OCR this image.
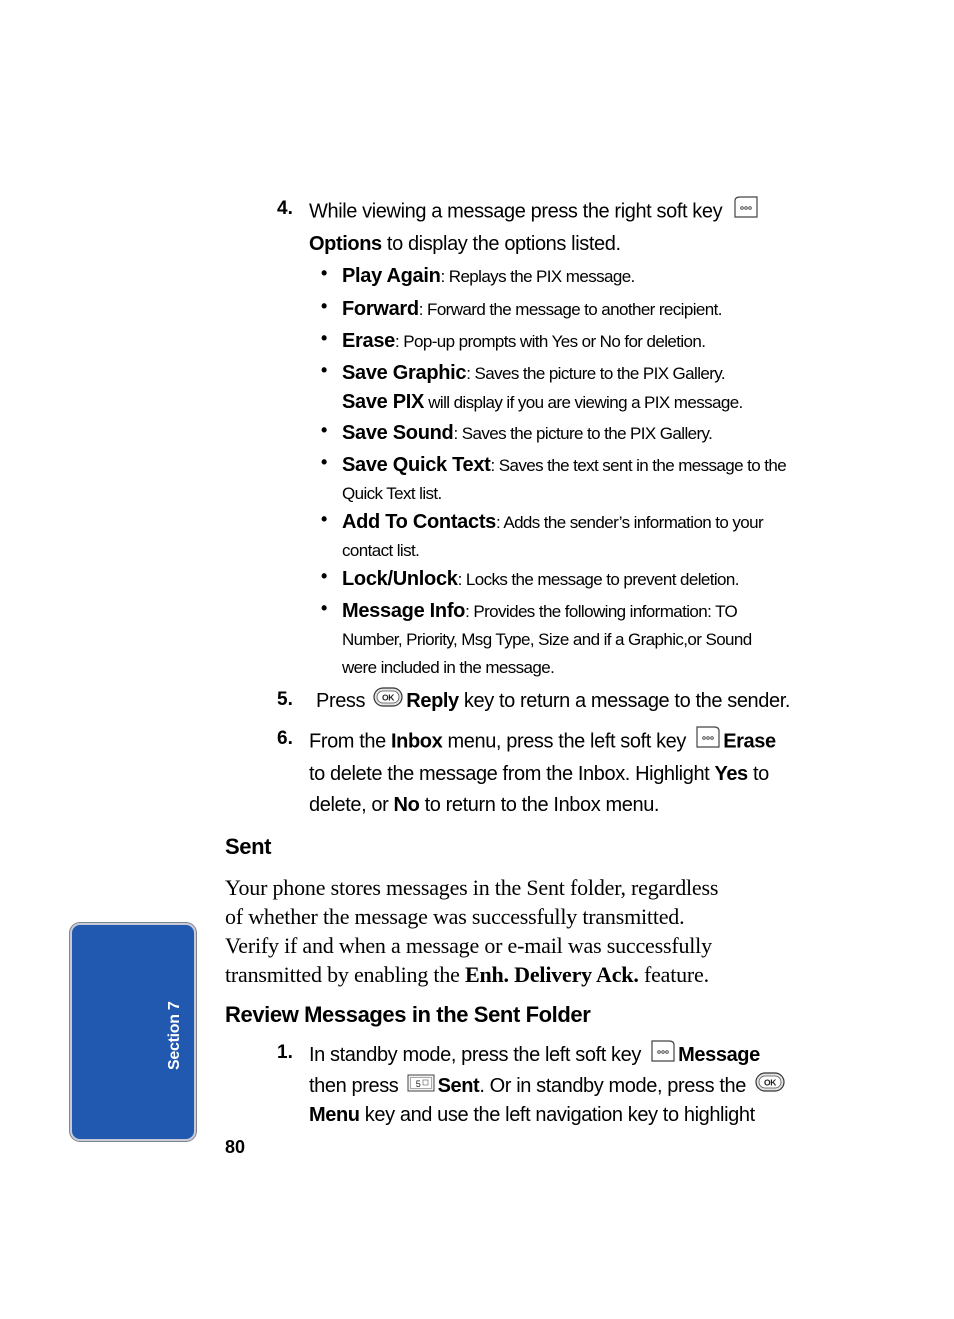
4. While viewing a message press the right soft key
Options to display the options listed.
• Play Again: Replays the PIX message.
• Forward: Forward the message to another recipient.
• Erase: Pop-up prompts with Yes or No for deletion.
• Save Graphic: Saves the picture to the PIX Gallery.
Save PIX will display if you are viewing a PIX message.
• Save Sound: Saves the picture to the PIX Gallery.
• Save Quick Text: Saves the text sent in the message to the
Quick Text list.
• Add To Contacts: Adds the sender’s information to your
contact list.
• Lock/Unlock: Locks the message to prevent deletion.
• Message Info: Provides the following information: TO
Number, Priority, Msg Type, Size and if a Graphic,or Sound
were included in the message.
5. Press OK Reply key to return a message to the sender.
6. From the Inbox menu, press the left soft key Erase
to delete the message from the Inbox. Highlight Yes to
delete, or No to return to the Inbox menu.
Sent
Your phone stores messages in the Sent folder, regardless
of whether the message was successfully transmitted.
Verify if and when a message or e-mail was successfully
transmitted by enabling the Enh. Delivery Ack. feature.
Review Messages in the Sent Folder
1. In standby mode, press the left soft key Message
then press 5 Sent. Or in standby mode, press the OK
Menu key and use the left navigation key to highlight
Section 7
80
